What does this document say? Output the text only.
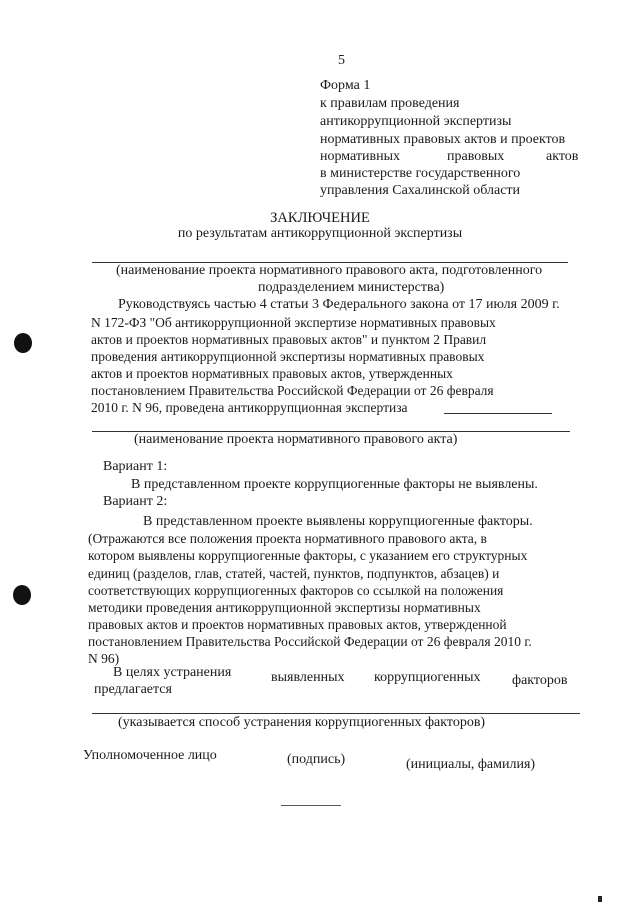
5
Форма 1
к правилам проведения
антикоррупционной экспертизы
нормативных правовых актов и проектов
нормативных	правовых	актов
в министерстве государственного
управления Сахалинской области
ЗАКЛЮЧЕНИЕ
по результатам антикоррупционной экспертизы
(наименование проекта нормативного правового акта, подготовленного
подразделением министерства)
Руководствуясь частью 4 статьи 3 Федерального закона от 17 июля 2009 г.
N 172-ФЗ "Об антикоррупционной экспертизе нормативных правовых
актов и проектов нормативных правовых актов" и пунктом 2 Правил
проведения антикоррупционной экспертизы нормативных правовых
актов и проектов нормативных правовых актов, утвержденных
постановлением Правительства Российской Федерации от 26 февраля
2010 г. N 96, проведена антикоррупционная экспертиза
(наименование проекта нормативного правового акта)
Вариант 1:
В представленном проекте коррупциогенные факторы не выявлены.
Вариант 2:
В представленном проекте выявлены коррупциогенные факторы.
(Отражаются все положения проекта нормативного правового акта, в
котором выявлены коррупциогенные факторы, с указанием его структурных
единиц (разделов, глав, статей, частей, пунктов, подпунктов, абзацев) и
соответствующих коррупциогенных факторов со ссылкой на положения
методики проведения антикоррупционной экспертизы нормативных
правовых актов и проектов нормативных правовых актов, утвержденной
постановлением Правительства Российской Федерации от 26 февраля 2010 г.
N 96)
В целях устранения	выявленных коррупциогенных факторов
предлагается
(указывается способ устранения коррупциогенных факторов)
Уполномоченное лицо	(подпись)	(инициалы, фамилия)
